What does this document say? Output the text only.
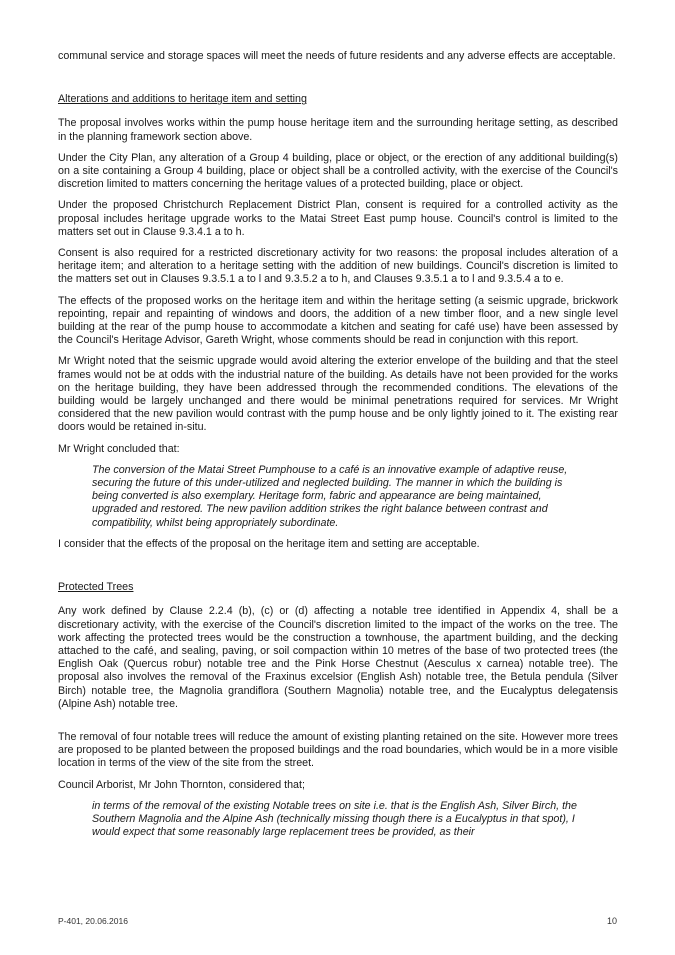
communal service and storage spaces will meet the needs of future residents and any adverse effects are acceptable.

Alterations and additions to heritage item and setting

The proposal involves works within the pump house heritage item and the surrounding heritage setting, as described in the planning framework section above.

Under the City Plan, any alteration of a Group 4 building, place or object, or the erection of any additional building(s) on a site containing a Group 4 building, place or object shall be a controlled activity, with the exercise of the Council's discretion limited to matters concerning the heritage values of a protected building, place or object.

Under the proposed Christchurch Replacement District Plan, consent is required for a controlled activity as the proposal includes heritage upgrade works to the Matai Street East pump house. Council's control is limited to the matters set out in Clause 9.3.4.1 a to h.

Consent is also required for a restricted discretionary activity for two reasons: the proposal includes alteration of a heritage item; and alteration to a heritage setting with the addition of new buildings. Council's discretion is limited to the matters set out in Clauses 9.3.5.1 a to l and 9.3.5.2 a to h, and Clauses 9.3.5.1 a to l and 9.3.5.4 a to e.

The effects of the proposed works on the heritage item and within the heritage setting (a seismic upgrade, brickwork repointing, repair and repainting of windows and doors, the addition of a new timber floor, and a new single level building at the rear of the pump house to accommodate a kitchen and seating for café use) have been assessed by the Council's Heritage Advisor, Gareth Wright, whose comments should be read in conjunction with this report.

Mr Wright noted that the seismic upgrade would avoid altering the exterior envelope of the building and that the steel frames would not be at odds with the industrial nature of the building. As details have not been provided for the works on the heritage building, they have been addressed through the recommended conditions. The elevations of the building would be largely unchanged and there would be minimal penetrations required for services. Mr Wright considered that the new pavilion would contrast with the pump house and be only lightly joined to it. The existing rear doors would be retained in-situ.

Mr Wright concluded that:

The conversion of the Matai Street Pumphouse to a café is an innovative example of adaptive reuse, securing the future of this under-utilized and neglected building. The manner in which the building is being converted is also exemplary. Heritage form, fabric and appearance are being maintained, upgraded and restored. The new pavilion addition strikes the right balance between contrast and compatibility, whilst being appropriately subordinate.

I consider that the effects of the proposal on the heritage item and setting are acceptable.

Protected Trees

Any work defined by Clause 2.2.4 (b), (c) or (d) affecting a notable tree identified in Appendix 4, shall be a discretionary activity, with the exercise of the Council's discretion limited to the impact of the works on the tree. The work affecting the protected trees would be the construction a townhouse, the apartment building, and the decking attached to the café, and sealing, paving, or soil compaction within 10 metres of the base of two protected trees (the English Oak (Quercus robur) notable tree and the Pink Horse Chestnut (Aesculus x carnea) notable tree). The proposal also involves the removal of the Fraxinus excelsior (English Ash) notable tree, the Betula pendula (Silver Birch) notable tree, the Magnolia grandiflora (Southern Magnolia) notable tree, and the Eucalyptus delegatensis (Alpine Ash) notable tree.

The removal of four notable trees will reduce the amount of existing planting retained on the site. However more trees are proposed to be planted between the proposed buildings and the road boundaries, which would be in a more visible location in terms of the view of the site from the street.

Council Arborist, Mr John Thornton, considered that;

in terms of the removal of the existing Notable trees on site i.e. that is the English Ash, Silver Birch, the Southern Magnolia and the Alpine Ash (technically missing though there is a Eucalyptus in that spot), I would expect that some reasonably large replacement trees be provided, as their

P-401, 20.06.2016	10
